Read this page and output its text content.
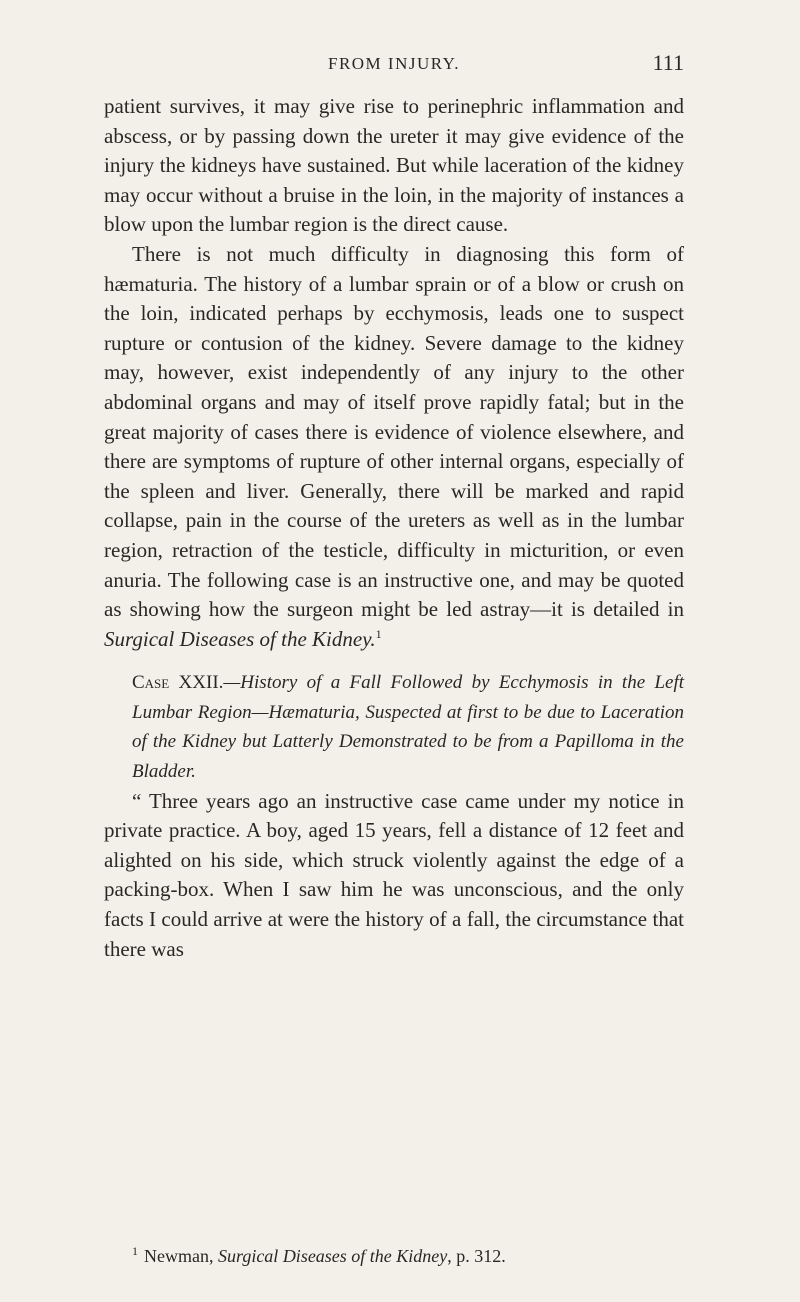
FROM INJURY.	111

patient survives, it may give rise to perinephric inflammation and abscess, or by passing down the ureter it may give evidence of the injury the kidneys have sustained. But while laceration of the kidney may occur without a bruise in the loin, in the majority of instances a blow upon the lumbar region is the direct cause.

There is not much difficulty in diagnosing this form of hæmaturia. The history of a lumbar sprain or of a blow or crush on the loin, indicated perhaps by ecchymosis, leads one to suspect rupture or contusion of the kidney. Severe damage to the kidney may, however, exist independently of any injury to the other abdominal organs and may of itself prove rapidly fatal; but in the great majority of cases there is evidence of violence elsewhere, and there are symptoms of rupture of other internal organs, especially of the spleen and liver. Generally, there will be marked and rapid collapse, pain in the course of the ureters as well as in the lumbar region, retraction of the testicle, difficulty in micturition, or even anuria. The following case is an instructive one, and may be quoted as showing how the surgeon might be led astray—it is detailed in Surgical Diseases of the Kidney.$^1$

Case XXII.—History of a Fall Followed by Ecchymosis in the Left Lumbar Region—Hæmaturia, Suspected at first to be due to Laceration of the Kidney but Latterly Demonstrated to be from a Papilloma in the Bladder.

“ Three years ago an instructive case came under my notice in private practice. A boy, aged 15 years, fell a distance of 12 feet and alighted on his side, which struck violently against the edge of a packing-box. When I saw him he was unconscious, and the only facts I could arrive at were the history of a fall, the circumstance that there was

$^1$ Newman, Surgical Diseases of the Kidney, p. 312.
